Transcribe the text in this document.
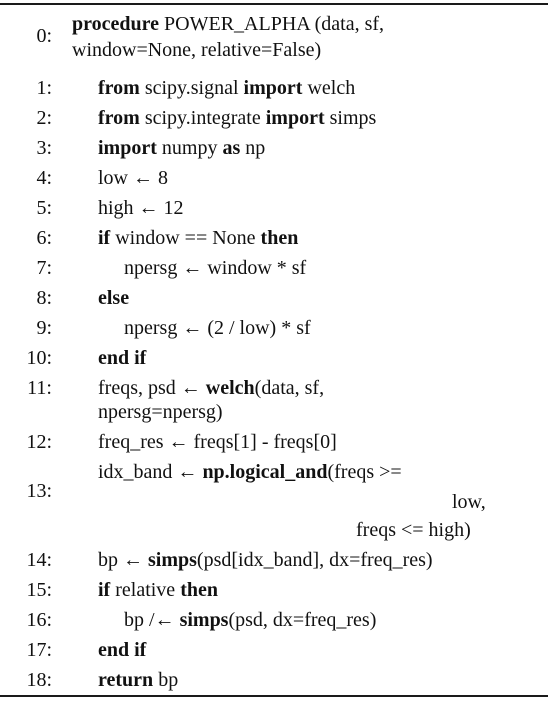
0:
procedure POWER_ALPHA (data, sf,
window=None, relative=False)
1: from scipy.signal import welch
2: from scipy.integrate import simps
3: import numpy as np
4: low ← 8
5: high ← 12
6: if window == None then
7:	npersg ← window * sf
8: else
9:	npersg ← (2 / low) * sf
10: end if
11: freqs, psd ← welch(data, sf,
npersg=npersg)
12: freq_res ← freqs[1] - freqs[0]
13:
idx_band ← np.logical_and(freqs >=
low,
freqs <= high)
14: bp ← simps(psd[idx_band], dx=freq_res)
15: if relative then
16:	bp /← simps(psd, dx=freq_res)
17: end if
18: return bp
